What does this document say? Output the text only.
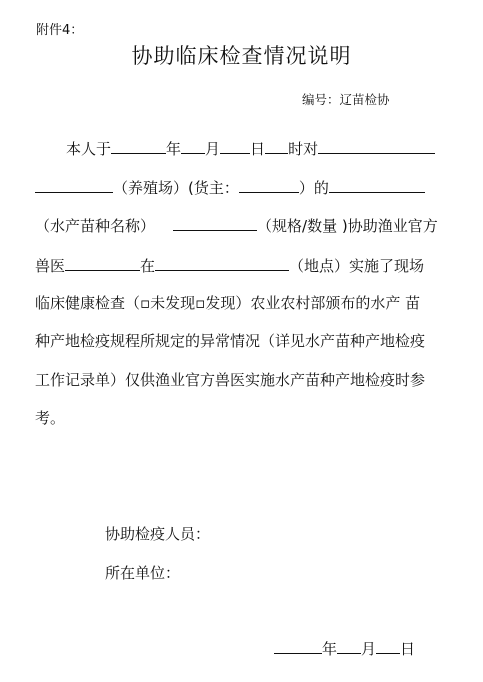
附件4：
协助临床检查情况说明
编号：辽苗检协
本人于	年 月 日 时对
（养殖场）(货主：	）的
（水产苗种名称）	（规格/数量 )协助渔业官方
兽医	在	（地点）实施了现场
临床健康检查（▫未发现▫发现）农业农村部颁布的水产 苗
种产地检疫规程所规定的异常情况（详见水产苗种产地检疫
工作记录单）仅供渔业官方兽医实施水产苗种产地检疫时参
考。
协助检疫人员：
所在单位：
年 月 日
